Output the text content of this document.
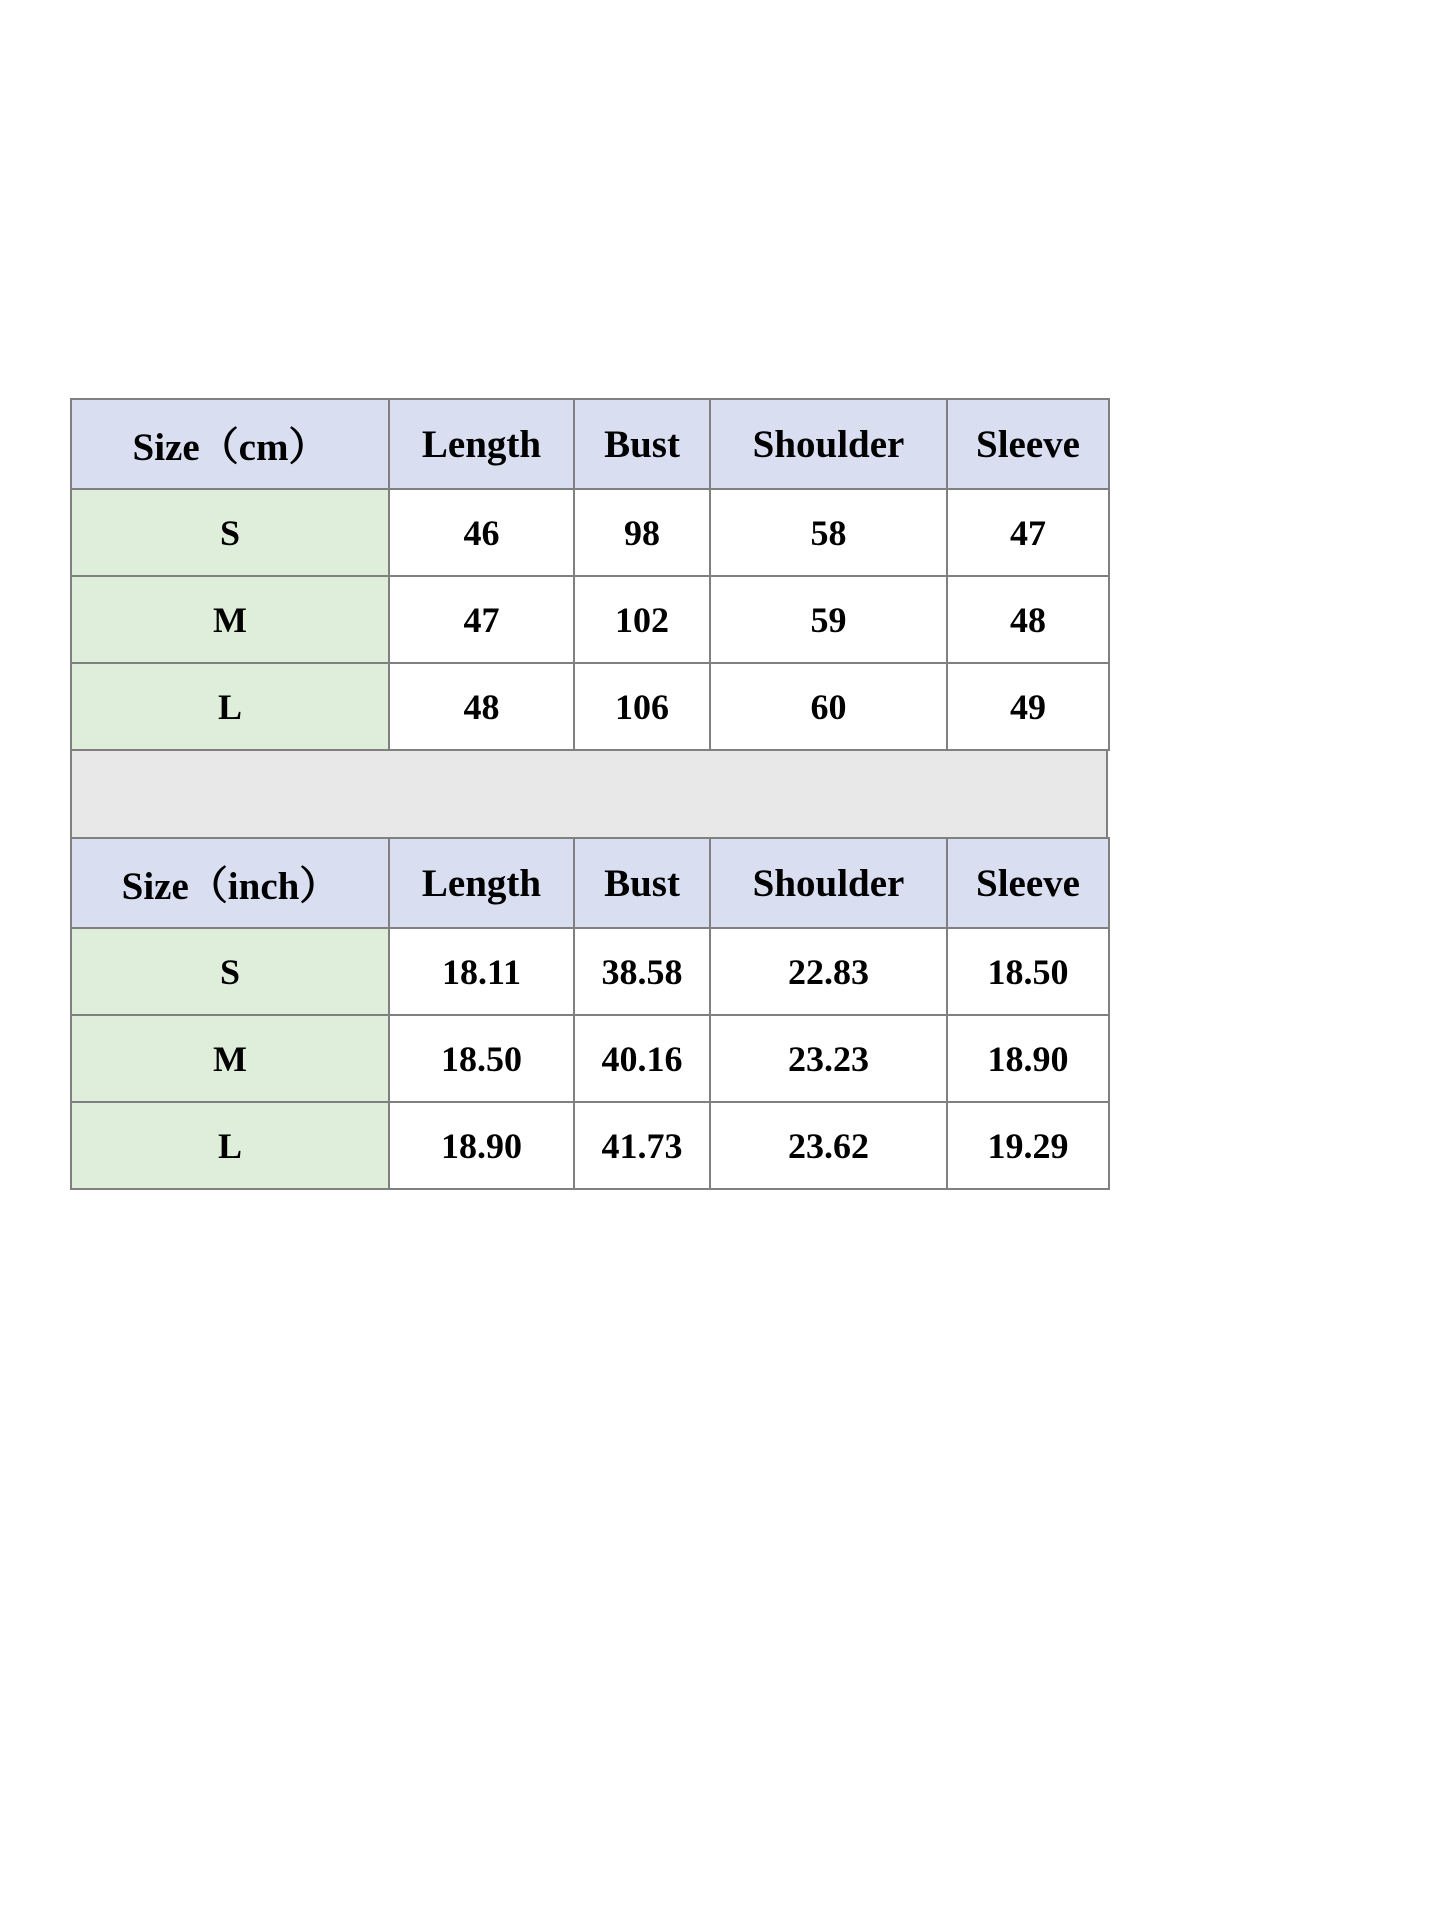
Size（cm）	Length	Bust	Shoulder	Sleeve
S	46	98	58	47
M	47	102	59	48
L	48	106	60	49
Size（inch）	Length	Bust	Shoulder	Sleeve
S	18.11	38.58	22.83	18.50
M	18.50	40.16	23.23	18.90
L	18.90	41.73	23.62	19.29
